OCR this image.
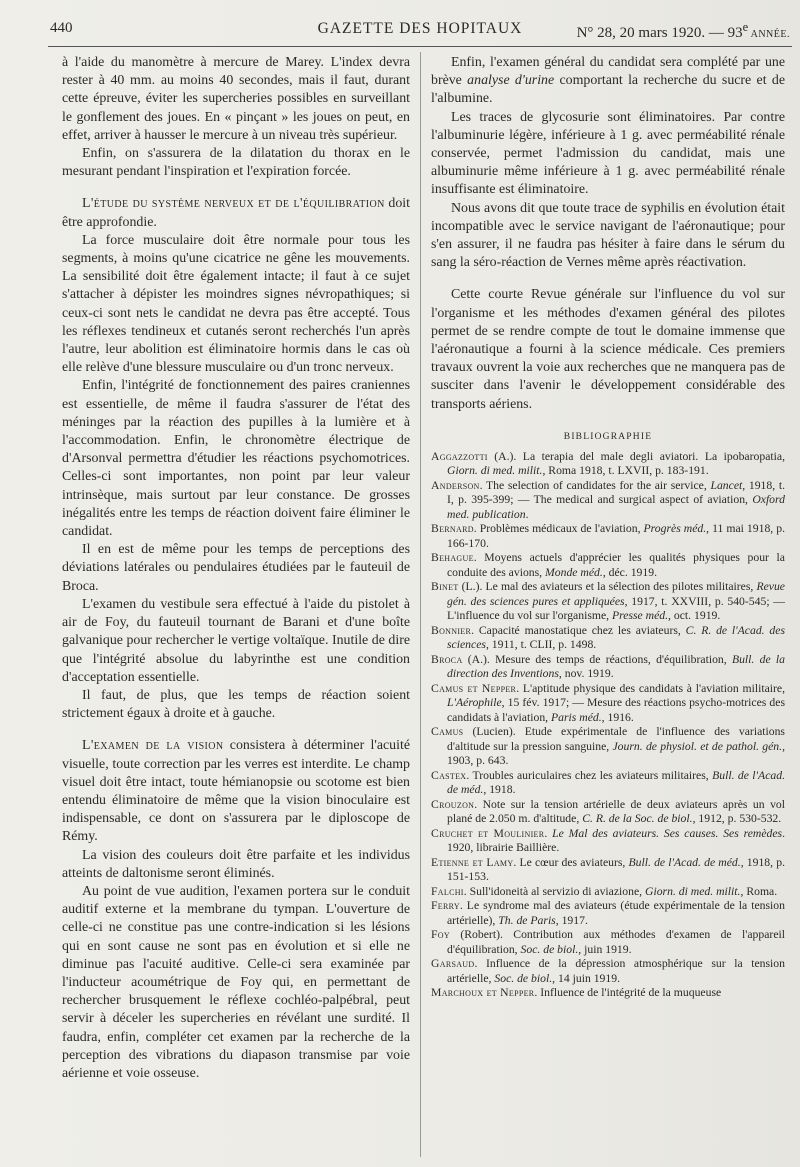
440	GAZETTE DES HOPITAUX	N° 28, 20 mars 1920. — 93e ANNÉE.

à l'aide du manomètre à mercure de Marey. L'index devra rester à 40 mm. au moins 40 secondes, mais il faut, durant cette épreuve, éviter les supercheries possibles en surveillant le gonflement des joues. En « pinçant » les joues on peut, en effet, arriver à hausser le mercure à un niveau très supérieur.

Enfin, on s'assurera de la dilatation du thorax en le mesurant pendant l'inspiration et l'expiration forcée.

L'étude du système nerveux et de l'équilibration doit être approfondie.

La force musculaire doit être normale pour tous les segments, à moins qu'une cicatrice ne gêne les mouvements. La sensibilité doit être également intacte; il faut à ce sujet s'attacher à dépister les moindres signes névropathiques; si ceux-ci sont nets le candidat ne devra pas être accepté. Tous les réflexes tendineux et cutanés seront recherchés l'un après l'autre, leur abolition est éliminatoire hormis dans le cas où elle relève d'une blessure musculaire ou d'un tronc nerveux.

Enfin, l'intégrité de fonctionnement des paires craniennes est essentielle, de même il faudra s'assurer de l'état des méninges par la réaction des pupilles à la lumière et à l'accommodation. Enfin, le chronomètre électrique de d'Arsonval permettra d'étudier les réactions psychomotrices. Celles-ci sont importantes, non point par leur valeur intrinsèque, mais surtout par leur constance. De grosses inégalités entre les temps de réaction doivent faire éliminer le candidat.

Il en est de même pour les temps de perceptions des déviations latérales ou pendulaires étudiées par le fauteuil de Broca.

L'examen du vestibule sera effectué à l'aide du pistolet à air de Foy, du fauteuil tournant de Barani et d'une boîte galvanique pour rechercher le vertige voltaïque. Inutile de dire que l'intégrité absolue du labyrinthe est une condition d'acceptation essentielle.

Il faut, de plus, que les temps de réaction soient strictement égaux à droite et à gauche.

L'examen de la vision consistera à déterminer l'acuité visuelle, toute correction par les verres est interdite. Le champ visuel doit être intact, toute hémianopsie ou scotome est bien entendu éliminatoire de même que la vision binoculaire est indispensable, ce dont on s'assurera par le diploscope de Rémy.

La vision des couleurs doit être parfaite et les individus atteints de daltonisme seront éliminés.

Au point de vue audition, l'examen portera sur le conduit auditif externe et la membrane du tympan. L'ouverture de celle-ci ne constitue pas une contre-indication si les lésions qui en sont cause ne sont pas en évolution et si elle ne diminue pas l'acuité auditive. Celle-ci sera examinée par l'inducteur acoumétrique de Foy qui, en permettant de rechercher brusquement le réflexe cochléo-palpébral, peut servir à déceler les supercheries en révélant une surdité. Il faudra, enfin, compléter cet examen par la recherche de la perception des vibrations du diapason transmise par voie aérienne et voie osseuse.

Enfin, l'examen général du candidat sera complété par une brève analyse d'urine comportant la recherche du sucre et de l'albumine.

Les traces de glycosurie sont éliminatoires. Par contre l'albuminurie légère, inférieure à 1 g. avec perméabilité rénale conservée, permet l'admission du candidat, mais une albuminurie même inférieure à 1 g. avec perméabilité rénale insuffisante est éliminatoire.

Nous avons dit que toute trace de syphilis en évolution était incompatible avec le service navigant de l'aéronautique; pour s'en assurer, il ne faudra pas hésiter à faire dans le sérum du sang la séro-réaction de Vernes même après réactivation.

Cette courte Revue générale sur l'influence du vol sur l'organisme et les méthodes d'examen général des pilotes permet de se rendre compte de tout le domaine immense que l'aéronautique a fourni à la science médicale. Ces premiers travaux ouvrent la voie aux recherches que ne manquera pas de susciter dans l'avenir le développement considérable des transports aériens.

BIBLIOGRAPHIE

Aggazzotti (A.). La terapia del male degli aviatori. La ipobaropatia, Giorn. di med. milit., Roma 1918, t. LXVII, p. 183-191.

Anderson. The selection of candidates for the air service, Lancet, 1918, t. I, p. 395-399; — The medical and surgical aspect of aviation, Oxford med. publication.

Bernard. Problèmes médicaux de l'aviation, Progrès méd., 11 mai 1918, p. 166-170.

Behague. Moyens actuels d'apprécier les qualités physiques pour la conduite des avions, Monde méd., déc. 1919.

Binet (L.). Le mal des aviateurs et la sélection des pilotes militaires, Revue gén. des sciences pures et appliquées, 1917, t. XXVIII, p. 540-545; — L'influence du vol sur l'organisme, Presse méd., oct. 1919.

Bonnier. Capacité manostatique chez les aviateurs, C. R. de l'Acad. des sciences, 1911, t. CLII, p. 1498.

Broca (A.). Mesure des temps de réactions, d'équilibration, Bull. de la direction des Inventions, nov. 1919.

Camus et Nepper. L'aptitude physique des candidats à l'aviation militaire, L'Aérophile, 15 fév. 1917; — Mesure des réactions psycho-motrices des candidats à l'aviation, Paris méd., 1916.

Camus (Lucien). Etude expérimentale de l'influence des variations d'altitude sur la pression sanguine, Journ. de physiol. et de pathol. gén., 1903, p. 643.

Castex. Troubles auriculaires chez les aviateurs militaires, Bull. de l'Acad. de méd., 1918.

Crouzon. Note sur la tension artérielle de deux aviateurs après un vol plané de 2.050 m. d'altitude, C. R. de la Soc. de biol., 1912, p. 530-532.

Cruchet et Moulinier. Le Mal des aviateurs. Ses causes. Ses remèdes. 1920, librairie Baillière.

Etienne et Lamy. Le cœur des aviateurs, Bull. de l'Acad. de méd., 1918, p. 151-153.

Falchi. Sull'idoneità al servizio di aviazione, Giorn. di med. milit., Roma.

Ferry. Le syndrome mal des aviateurs (étude expérimentale de la tension artérielle), Th. de Paris, 1917.

Foy (Robert). Contribution aux méthodes d'examen de l'appareil d'équilibration, Soc. de biol., juin 1919.

Garsaud. Influence de la dépression atmosphérique sur la tension artérielle, Soc. de biol., 14 juin 1919.

Marchoux et Nepper. Influence de l'intégrité de la muqueuse
